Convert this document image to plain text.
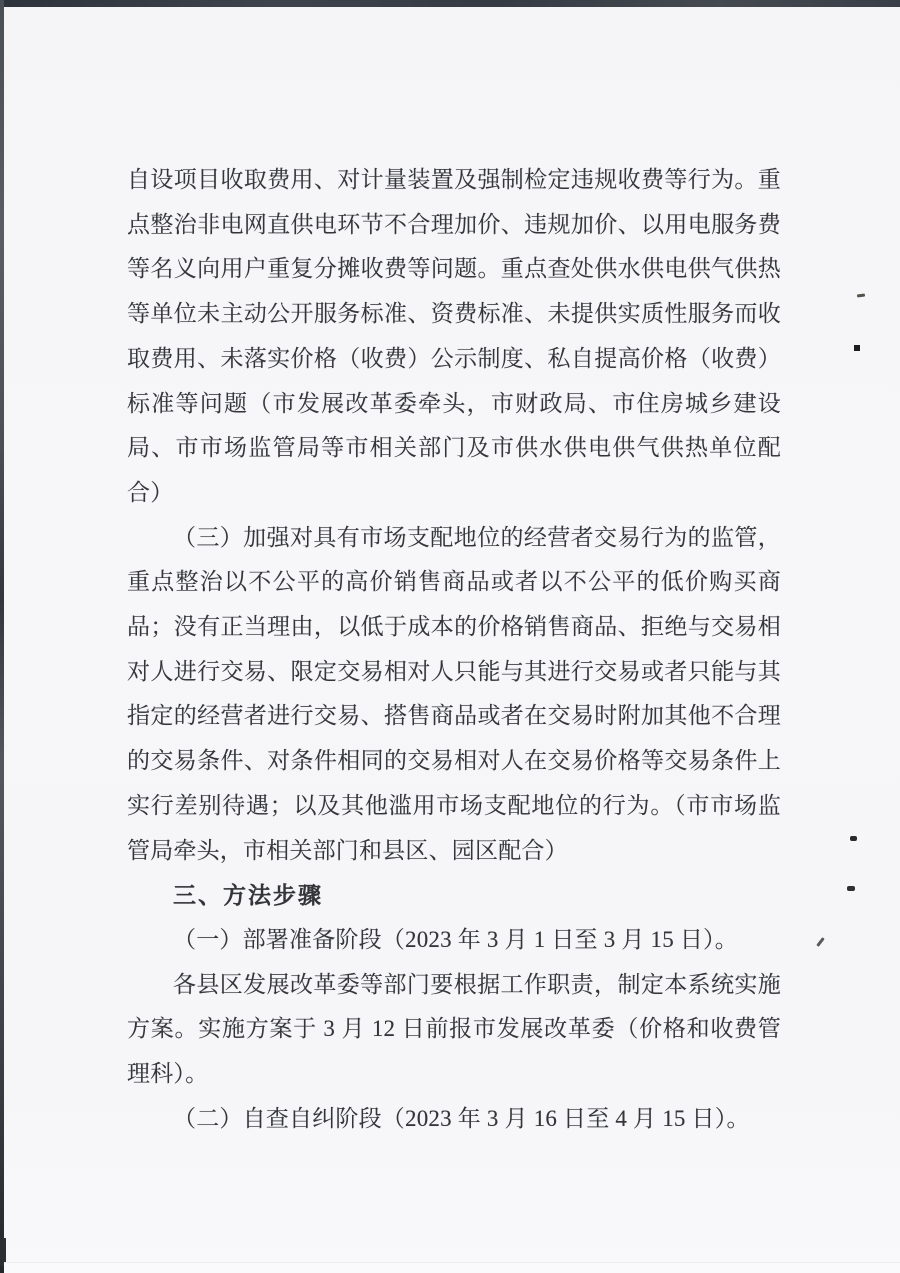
自设项目收取费用、对计量装置及强制检定违规收费等行为。重点整治非电网直供电环节不合理加价、违规加价、以用电服务费等名义向用户重复分摊收费等问题。重点查处供水供电供气供热等单位未主动公开服务标准、资费标准、未提供实质性服务而收取费用、未落实价格（收费）公示制度、私自提高价格（收费）标准等问题（市发展改革委牵头，市财政局、市住房城乡建设局、市市场监管局等市相关部门及市供水供电供气供热单位配合）
（三）加强对具有市场支配地位的经营者交易行为的监管，重点整治以不公平的高价销售商品或者以不公平的低价购买商品；没有正当理由，以低于成本的价格销售商品、拒绝与交易相对人进行交易、限定交易相对人只能与其进行交易或者只能与其指定的经营者进行交易、搭售商品或者在交易时附加其他不合理的交易条件、对条件相同的交易相对人在交易价格等交易条件上实行差别待遇；以及其他滥用市场支配地位的行为。（市市场监管局牵头，市相关部门和县区、园区配合）
三、方法步骤
（一）部署准备阶段（2023 年 3 月 1 日至 3 月 15 日）。
各县区发展改革委等部门要根据工作职责，制定本系统实施方案。实施方案于 3 月 12 日前报市发展改革委（价格和收费管理科）。
（二）自查自纠阶段（2023 年 3 月 16 日至 4 月 15 日）。
